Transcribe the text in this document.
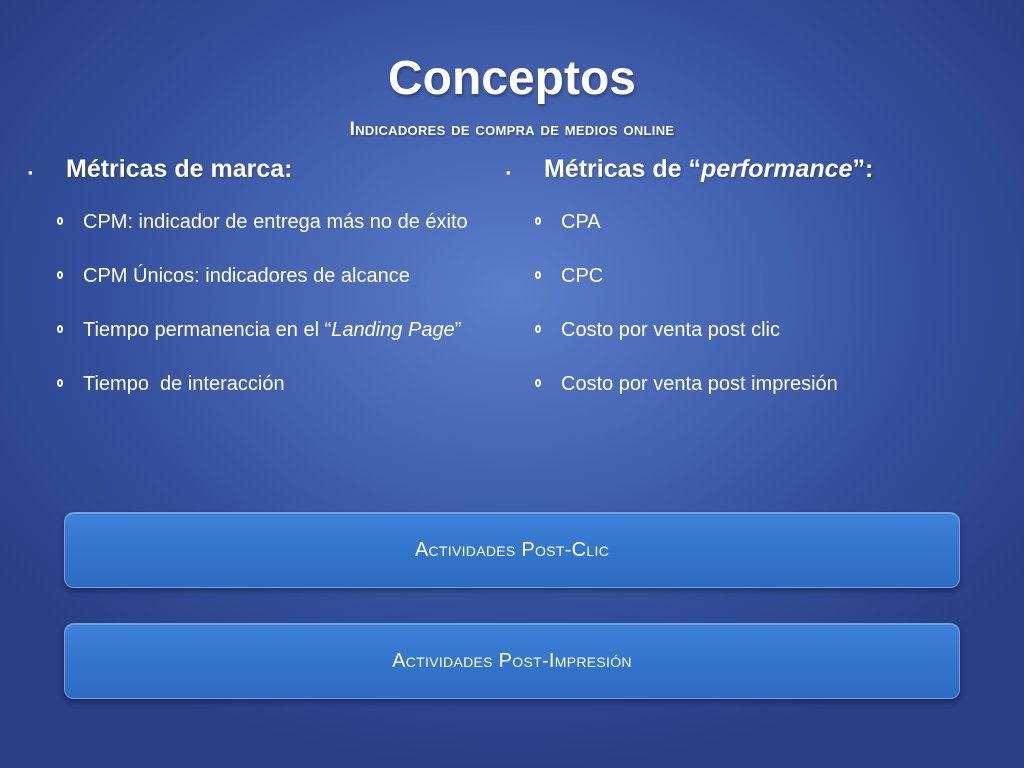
Conceptos
Indicadores de compra de medios online
▪	Métricas de marca:
CPM: indicador de entrega más no de éxito
CPM Únicos: indicadores de alcance
Tiempo permanencia en el “Landing Page”
Tiempo  de interacción
▪	Métricas de “performance”:
CPA
CPC
Costo por venta post clic
Costo por venta post impresión
Actividades Post-Clic
Actividades Post-Impresión
